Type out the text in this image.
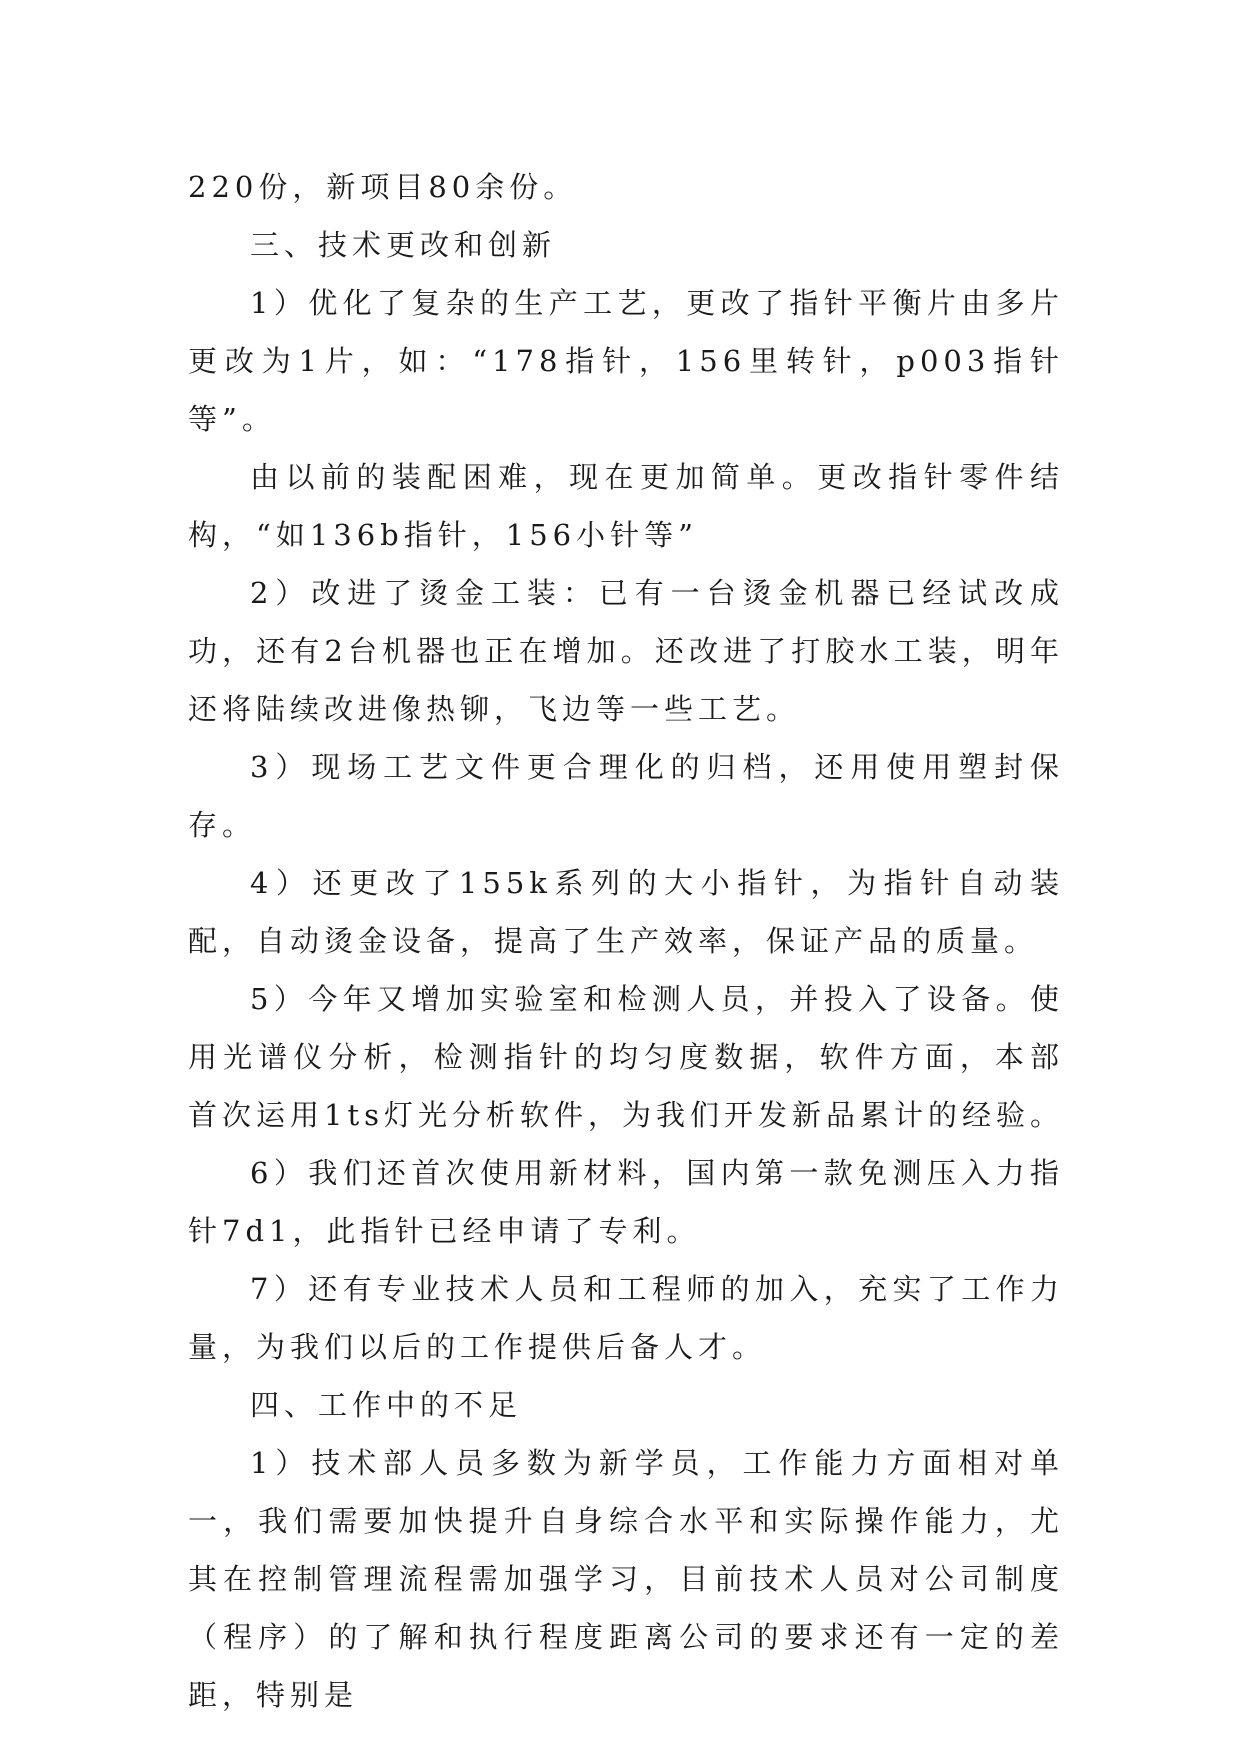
220份，新项目80余份。

三、技术更改和创新

1）优化了复杂的生产工艺，更改了指针平衡片由多片更改为1片，如：“178指针，156里转针，p003指针等”。

由以前的装配困难，现在更加简单。更改指针零件结构，“如136b指针，156小针等”

2）改进了烫金工装：已有一台烫金机器已经试改成功，还有2台机器也正在增加。还改进了打胶水工装，明年还将陆续改进像热铆，飞边等一些工艺。

3）现场工艺文件更合理化的归档，还用使用塑封保存。

4）还更改了155k系列的大小指针，为指针自动装配，自动烫金设备，提高了生产效率，保证产品的质量。

5）今年又增加实验室和检测人员，并投入了设备。使用光谱仪分析，检测指针的均匀度数据，软件方面，本部首次运用1ts灯光分析软件，为我们开发新品累计的经验。

6）我们还首次使用新材料，国内第一款免测压入力指针7d1，此指针已经申请了专利。

7）还有专业技术人员和工程师的加入，充实了工作力量，为我们以后的工作提供后备人才。

四、工作中的不足

1）技术部人员多数为新学员，工作能力方面相对单一，我们需要加快提升自身综合水平和实际操作能力，尤其在控制管理流程需加强学习，目前技术人员对公司制度（程序）的了解和执行程度距离公司的要求还有一定的差距，特别是
